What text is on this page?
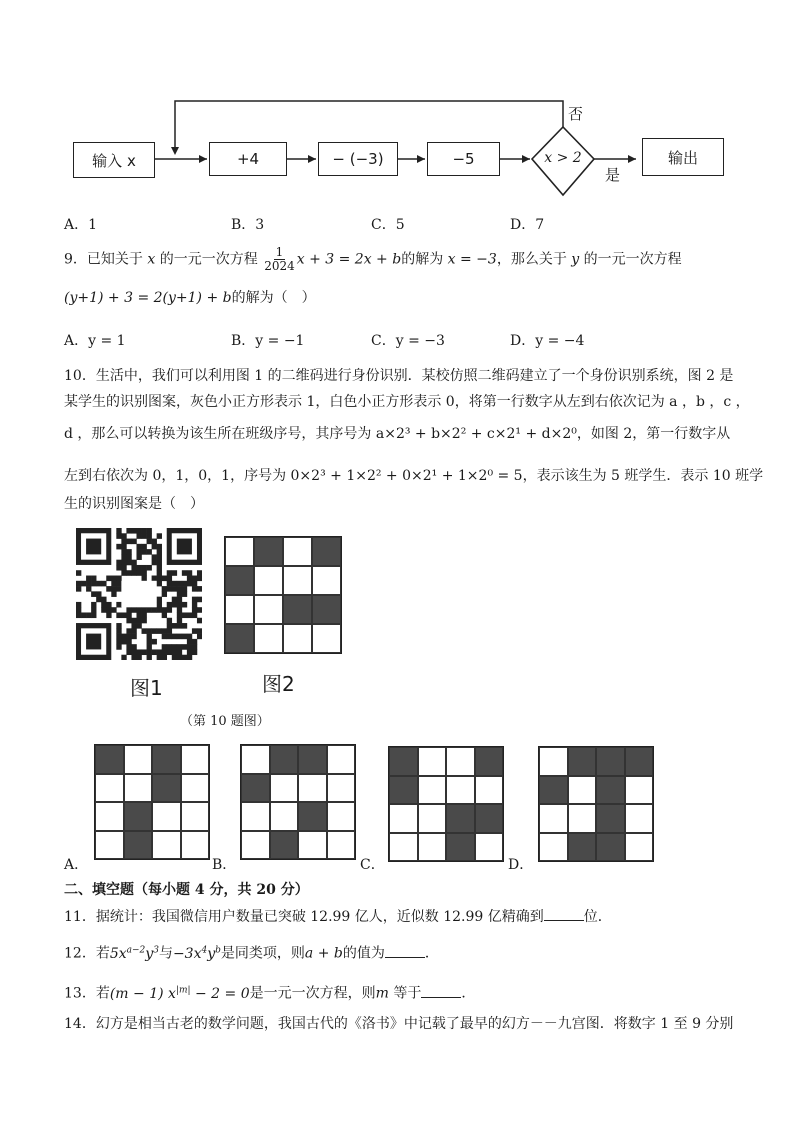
输入 x	+4	− (−3)	−5	x > 2
否
是
输出
A．1	B．3	C．5	D．7
9．已知关于 x 的一元一次方程 $\frac{1}{2024}$ x + 3 = 2x + b的解为 x = −3，那么关于 y 的一元一次方程
(y+1) + 3 = 2(y+1) + b的解为（　）
A．y = 1	B．y = −1	C．y = −3	D．y = −4
10．生活中，我们可以利用图 1 的二维码进行身份识别．某校仿照二维码建立了一个身份识别系统，图 2 是
某学生的识别图案，灰色小正方形表示 1，白色小正方形表示 0，将第一行数字从左到右依次记为 a ，b ，c ，
d ，那么可以转换为该生所在班级序号，其序号为 a×2³ + b×2² + c×2¹ + d×2⁰，如图 2，第一行数字从
左到右依次为 0，1，0，1，序号为 0×2³ + 1×2² + 0×2¹ + 1×2⁰ = 5，表示该生为 5 班学生．表示 10 班学
生的识别图案是（　）
图1	图2
（第 10 题图）
A．	B．	C．	D．
二、填空题（每小题 4 分，共 20 分）
11．据统计：我国微信用户数量已突破 12.99 亿人，近似数 12.99 亿精确到	位．
12．若$5x^{a-2}y^3$与$-3x^4y^b$是同类项，则a + b的值为	．
13．若(m − 1) $x^{|m|} - 2 = 0$是一元一次方程，则m 等于	．
14．幻方是相当古老的数学问题，我国古代的《洛书》中记载了最早的幻方－－九宫图．将数字 1 至 9 分别
